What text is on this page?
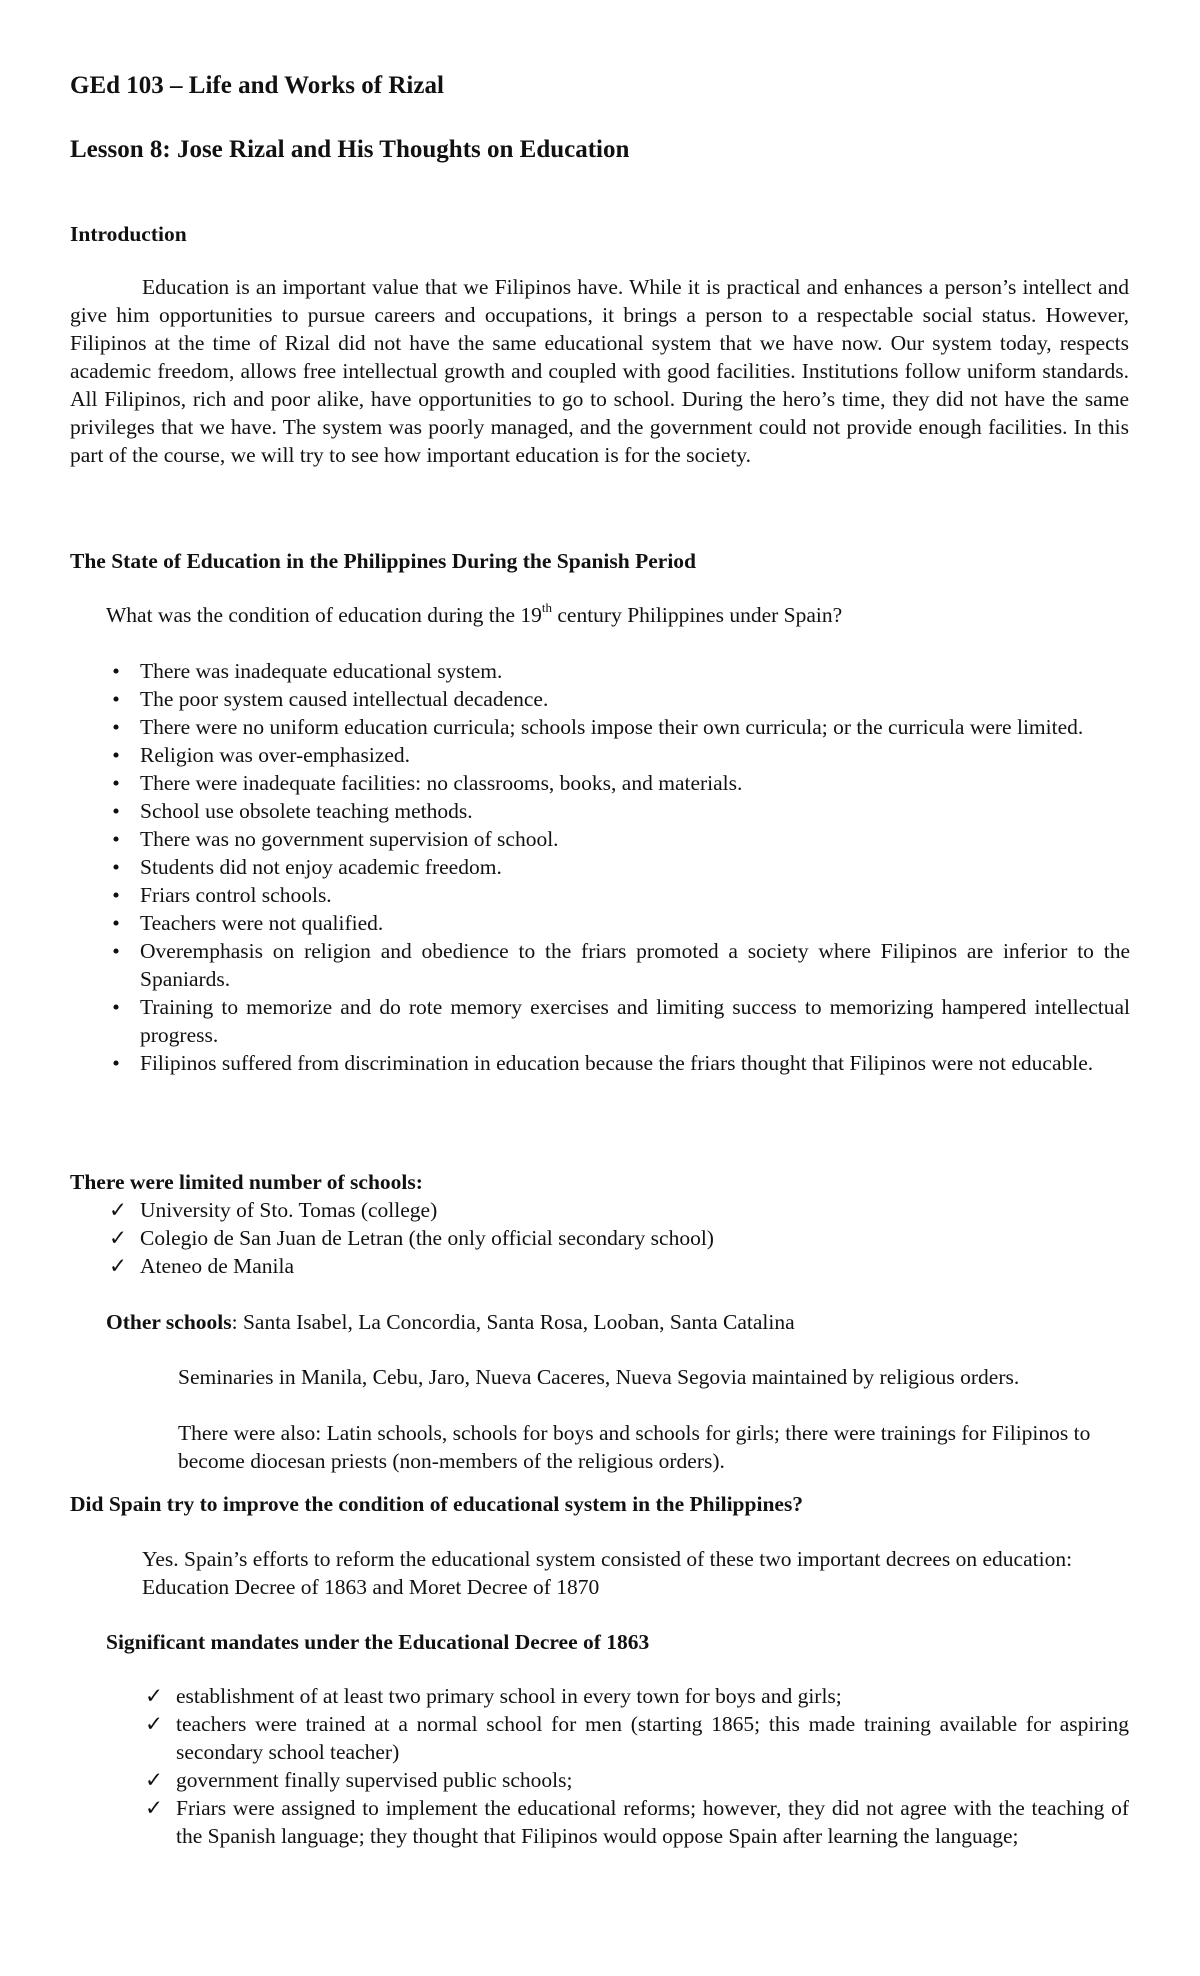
GEd 103 – Life and Works of Rizal
Lesson 8: Jose Rizal and His Thoughts on Education
Introduction
Education is an important value that we Filipinos have. While it is practical and enhances a person’s intellect and give him opportunities to pursue careers and occupations, it brings a person to a respectable social status. However, Filipinos at the time of Rizal did not have the same educational system that we have now. Our system today, respects academic freedom, allows free intellectual growth and coupled with good facilities. Institutions follow uniform standards. All Filipinos, rich and poor alike, have opportunities to go to school. During the hero’s time, they did not have the same privileges that we have. The system was poorly managed, and the government could not provide enough facilities. In this part of the course, we will try to see how important education is for the society.
The State of Education in the Philippines During the Spanish Period
What was the condition of education during the 19th century Philippines under Spain?
• There was inadequate educational system.
• The poor system caused intellectual decadence.
• There were no uniform education curricula; schools impose their own curricula; or the curricula were limited.
• Religion was over-emphasized.
• There were inadequate facilities: no classrooms, books, and materials.
• School use obsolete teaching methods.
• There was no government supervision of school.
• Students did not enjoy academic freedom.
• Friars control schools.
• Teachers were not qualified.
• Overemphasis on religion and obedience to the friars promoted a society where Filipinos are inferior to the Spaniards.
• Training to memorize and do rote memory exercises and limiting success to memorizing hampered intellectual progress.
• Filipinos suffered from discrimination in education because the friars thought that Filipinos were not educable.
There were limited number of schools:
✓ University of Sto. Tomas (college)
✓ Colegio de San Juan de Letran (the only official secondary school)
✓ Ateneo de Manila
Other schools: Santa Isabel, La Concordia, Santa Rosa, Looban, Santa Catalina
Seminaries in Manila, Cebu, Jaro, Nueva Caceres, Nueva Segovia maintained by religious orders.
There were also: Latin schools, schools for boys and schools for girls; there were trainings for Filipinos to become diocesan priests (non-members of the religious orders).
Did Spain try to improve the condition of educational system in the Philippines?
Yes. Spain’s efforts to reform the educational system consisted of these two important decrees on education: Education Decree of 1863 and Moret Decree of 1870
Significant mandates under the Educational Decree of 1863
✓ establishment of at least two primary school in every town for boys and girls;
✓ teachers were trained at a normal school for men (starting 1865; this made training available for aspiring secondary school teacher)
✓ government finally supervised public schools;
✓ Friars were assigned to implement the educational reforms; however, they did not agree with the teaching of the Spanish language; they thought that Filipinos would oppose Spain after learning the language;
